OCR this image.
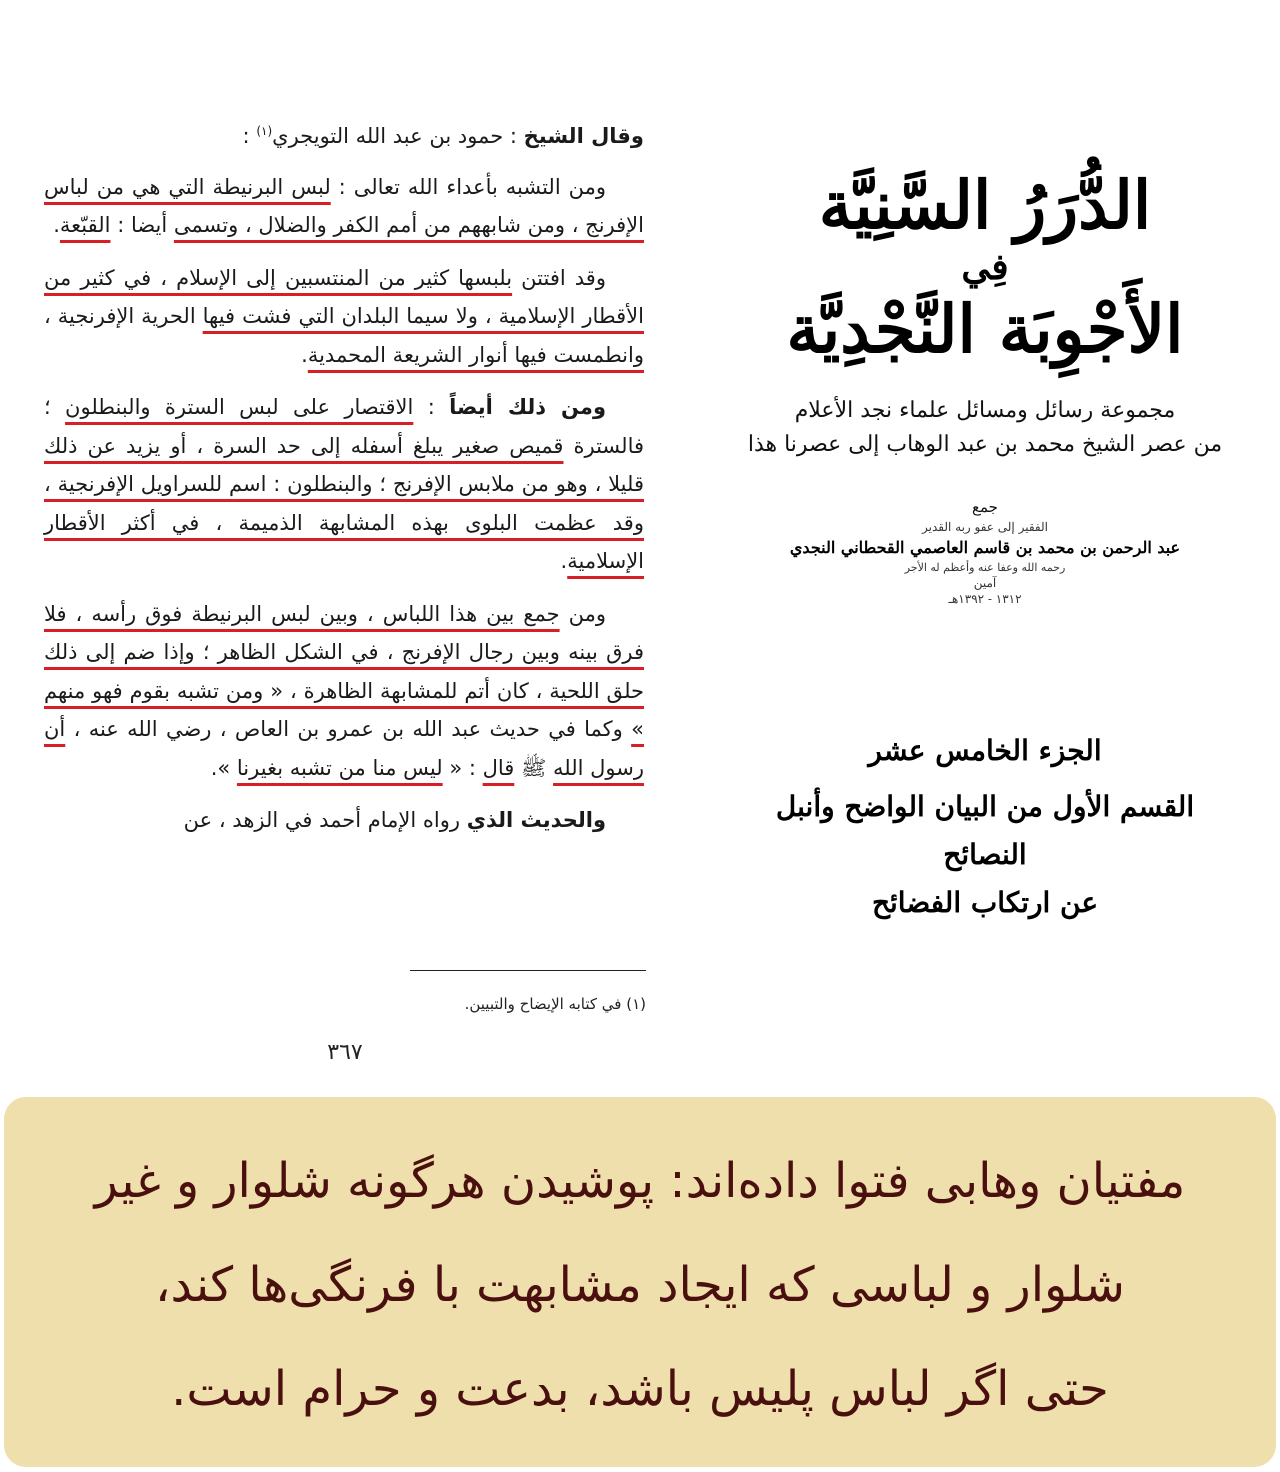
وقال الشيخ : حمود بن عبد الله التويجري$^{(١)}$ :

ومن التشبه بأعداء الله تعالى : لبس البرنيطة التي هي من لباس الإفرنج ، ومن شابههم من أمم الكفر والضلال ، وتسمى أيضا : القبّعة.

وقد افتتن بلبسها كثير من المنتسبين إلى الإسلام ، في كثير من الأقطار الإسلامية ، ولا سيما البلدان التي فشت فيها الحرية الإفرنجية ، وانطمست فيها أنوار الشريعة المحمدية.

ومن ذلك أيضاً : الاقتصار على لبس السترة والبنطلون ؛ فالسترة قميص صغير يبلغ أسفله إلى حد السرة ، أو يزيد عن ذلك قليلا ، وهو من ملابس الإفرنج ؛ والبنطلون : اسم للسراويل الإفرنجية ، وقد عظمت البلوى بهذه المشابهة الذميمة ، في أكثر الأقطار الإسلامية.

ومن جمع بين هذا اللباس ، وبين لبس البرنيطة فوق رأسه ، فلا فرق بينه وبين رجال الإفرنج ، في الشكل الظاهر ؛ وإذا ضم إلى ذلك حلق اللحية ، كان أتم للمشابهة الظاهرة ، « ومن تشبه بقوم فهو منهم » وكما في حديث عبد الله بن عمرو بن العاص ، رضي الله عنه ، أن رسول الله ﷺ قال : « ليس منا من تشبه بغيرنا ».

والحديث الذي رواه الإمام أحمد في الزهد ، عن

(١) في كتابه الإيضاح والتبيين.
٣٦٧
الدُّرَرُ السَّنِيَّة
فِي
الأَجْوِبَة النَّجْدِيَّة
مجموعة رسائل ومسائل علماء نجد الأعلام
من عصر الشيخ محمد بن عبد الوهاب إلى عصرنا هذا
جمع
الفقير إلى عفو ربه القدير
عبد الرحمن بن محمد بن قاسم العاصمي القحطاني النجدي
رحمه الله وعفا عنه وأعظم له الأجر
آمين
١٣١٢ - ١٣٩٢هـ
الجزء الخامس عشر
القسم الأول من البيان الواضح وأنبل النصائح
عن ارتكاب الفضائح
مفتیان وهابی فتوا داده‌اند: پوشیدن هرگونه شلوار و غیر
شلوار و لباسی که ایجاد مشابهت با فرنگی‌ها کند،
حتی اگر لباس پلیس باشد، بدعت و حرام است.
